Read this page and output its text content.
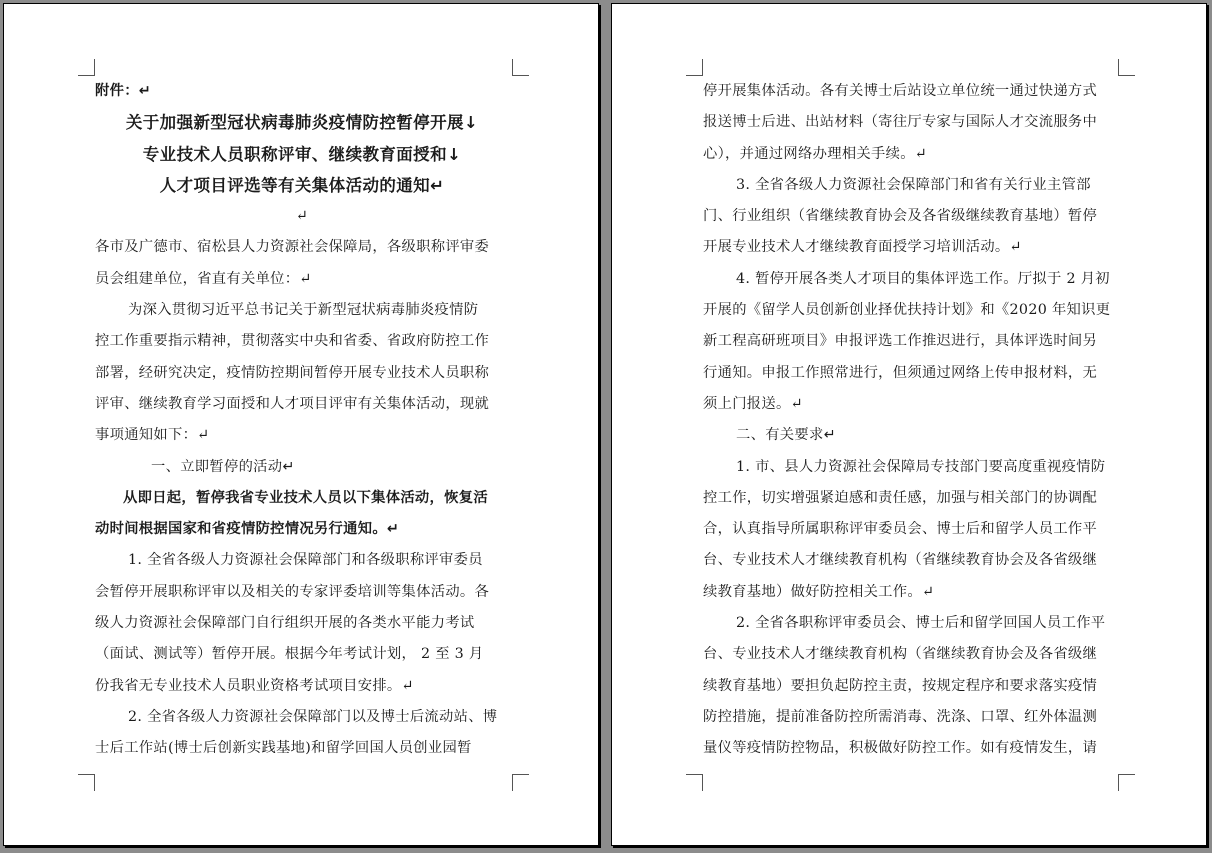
附件：↵
关于加强新型冠状病毒肺炎疫情防控暂停开展↓
专业技术人员职称评审、继续教育面授和↓
人才项目评选等有关集体活动的通知↵
↵
各市及广德市、宿松县人力资源社会保障局，各级职称评审委
员会组建单位，省直有关单位：↵
为深入贯彻习近平总书记关于新型冠状病毒肺炎疫情防
控工作重要指示精神，贯彻落实中央和省委、省政府防控工作
部署，经研究决定，疫情防控期间暂停开展专业技术人员职称
评审、继续教育学习面授和人才项目评审有关集体活动，现就
事项通知如下：↵
一、立即暂停的活动↵
从即日起，暂停我省专业技术人员以下集体活动，恢复活
动时间根据国家和省疫情防控情况另行通知。↵
1. 全省各级人力资源社会保障部门和各级职称评审委员
会暂停开展职称评审以及相关的专家评委培训等集体活动。各
级人力资源社会保障部门自行组织开展的各类水平能力考试
（面试、测试等）暂停开展。根据今年考试计划， 2 至 3 月
份我省无专业技术人员职业资格考试项目安排。↵
2. 全省各级人力资源社会保障部门以及博士后流动站、博
士后工作站(博士后创新实践基地)和留学回国人员创业园暂
停开展集体活动。各有关博士后站设立单位统一通过快递方式
报送博士后进、出站材料（寄往厅专家与国际人才交流服务中
心），并通过网络办理相关手续。↵
3. 全省各级人力资源社会保障部门和省有关行业主管部
门、行业组织（省继续教育协会及各省级继续教育基地）暂停
开展专业技术人才继续教育面授学习培训活动。↵
4. 暂停开展各类人才项目的集体评选工作。厅拟于 2 月初
开展的《留学人员创新创业择优扶持计划》和《2020 年知识更
新工程高研班项目》申报评选工作推迟进行，具体评选时间另
行通知。申报工作照常进行，但须通过网络上传申报材料，无
须上门报送。↵
二、有关要求↵
1. 市、县人力资源社会保障局专技部门要高度重视疫情防
控工作，切实增强紧迫感和责任感，加强与相关部门的协调配
合，认真指导所属职称评审委员会、博士后和留学人员工作平
台、专业技术人才继续教育机构（省继续教育协会及各省级继
续教育基地）做好防控相关工作。↵
2. 全省各职称评审委员会、博士后和留学回国人员工作平
台、专业技术人才继续教育机构（省继续教育协会及各省级继
续教育基地）要担负起防控主责，按规定程序和要求落实疫情
防控措施，提前准备防控所需消毒、洗涤、口罩、红外体温测
量仪等疫情防控物品，积极做好防控工作。如有疫情发生，请
